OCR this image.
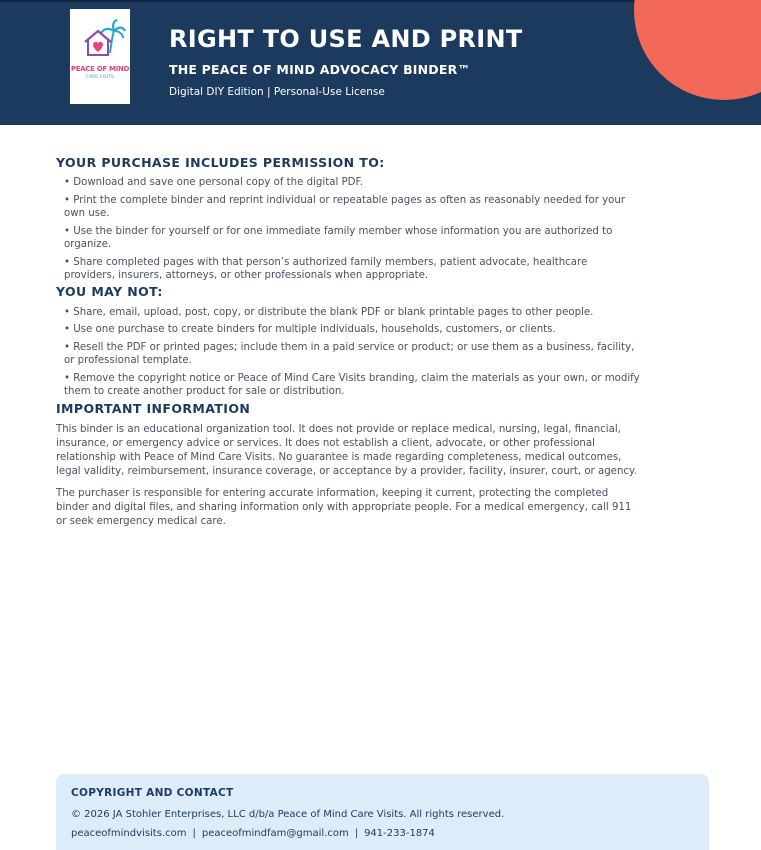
PEACE OF MIND
CARE VISITS
RIGHT TO USE AND PRINT
THE PEACE OF MIND ADVOCACY BINDER™
Digital DIY Edition | Personal-Use License
YOUR PURCHASE INCLUDES PERMISSION TO:
• Download and save one personal copy of the digital PDF.
• Print the complete binder and reprint individual or repeatable pages as often as reasonably needed for your own use.
• Use the binder for yourself or for one immediate family member whose information you are authorized to organize.
• Share completed pages with that person’s authorized family members, patient advocate, healthcare providers, insurers, attorneys, or other professionals when appropriate.
YOU MAY NOT:
• Share, email, upload, post, copy, or distribute the blank PDF or blank printable pages to other people.
• Use one purchase to create binders for multiple individuals, households, customers, or clients.
• Resell the PDF or printed pages; include them in a paid service or product; or use them as a business, facility, or professional template.
• Remove the copyright notice or Peace of Mind Care Visits branding, claim the materials as your own, or modify them to create another product for sale or distribution.
IMPORTANT INFORMATION

This binder is an educational organization tool. It does not provide or replace medical, nursing, legal, financial, insurance, or emergency advice or services. It does not establish a client, advocate, or other professional relationship with Peace of Mind Care Visits. No guarantee is made regarding completeness, medical outcomes, legal validity, reimbursement, insurance coverage, or acceptance by a provider, facility, insurer, court, or agency.

The purchaser is responsible for entering accurate information, keeping it current, protecting the completed binder and digital files, and sharing information only with appropriate people. For a medical emergency, call 911 or seek emergency medical care.

COPYRIGHT AND CONTACT
© 2026 JA Stohler Enterprises, LLC d/b/a Peace of Mind Care Visits. All rights reserved.
peaceofmindvisits.com | peaceofmindfam@gmail.com | 941-233-1874
